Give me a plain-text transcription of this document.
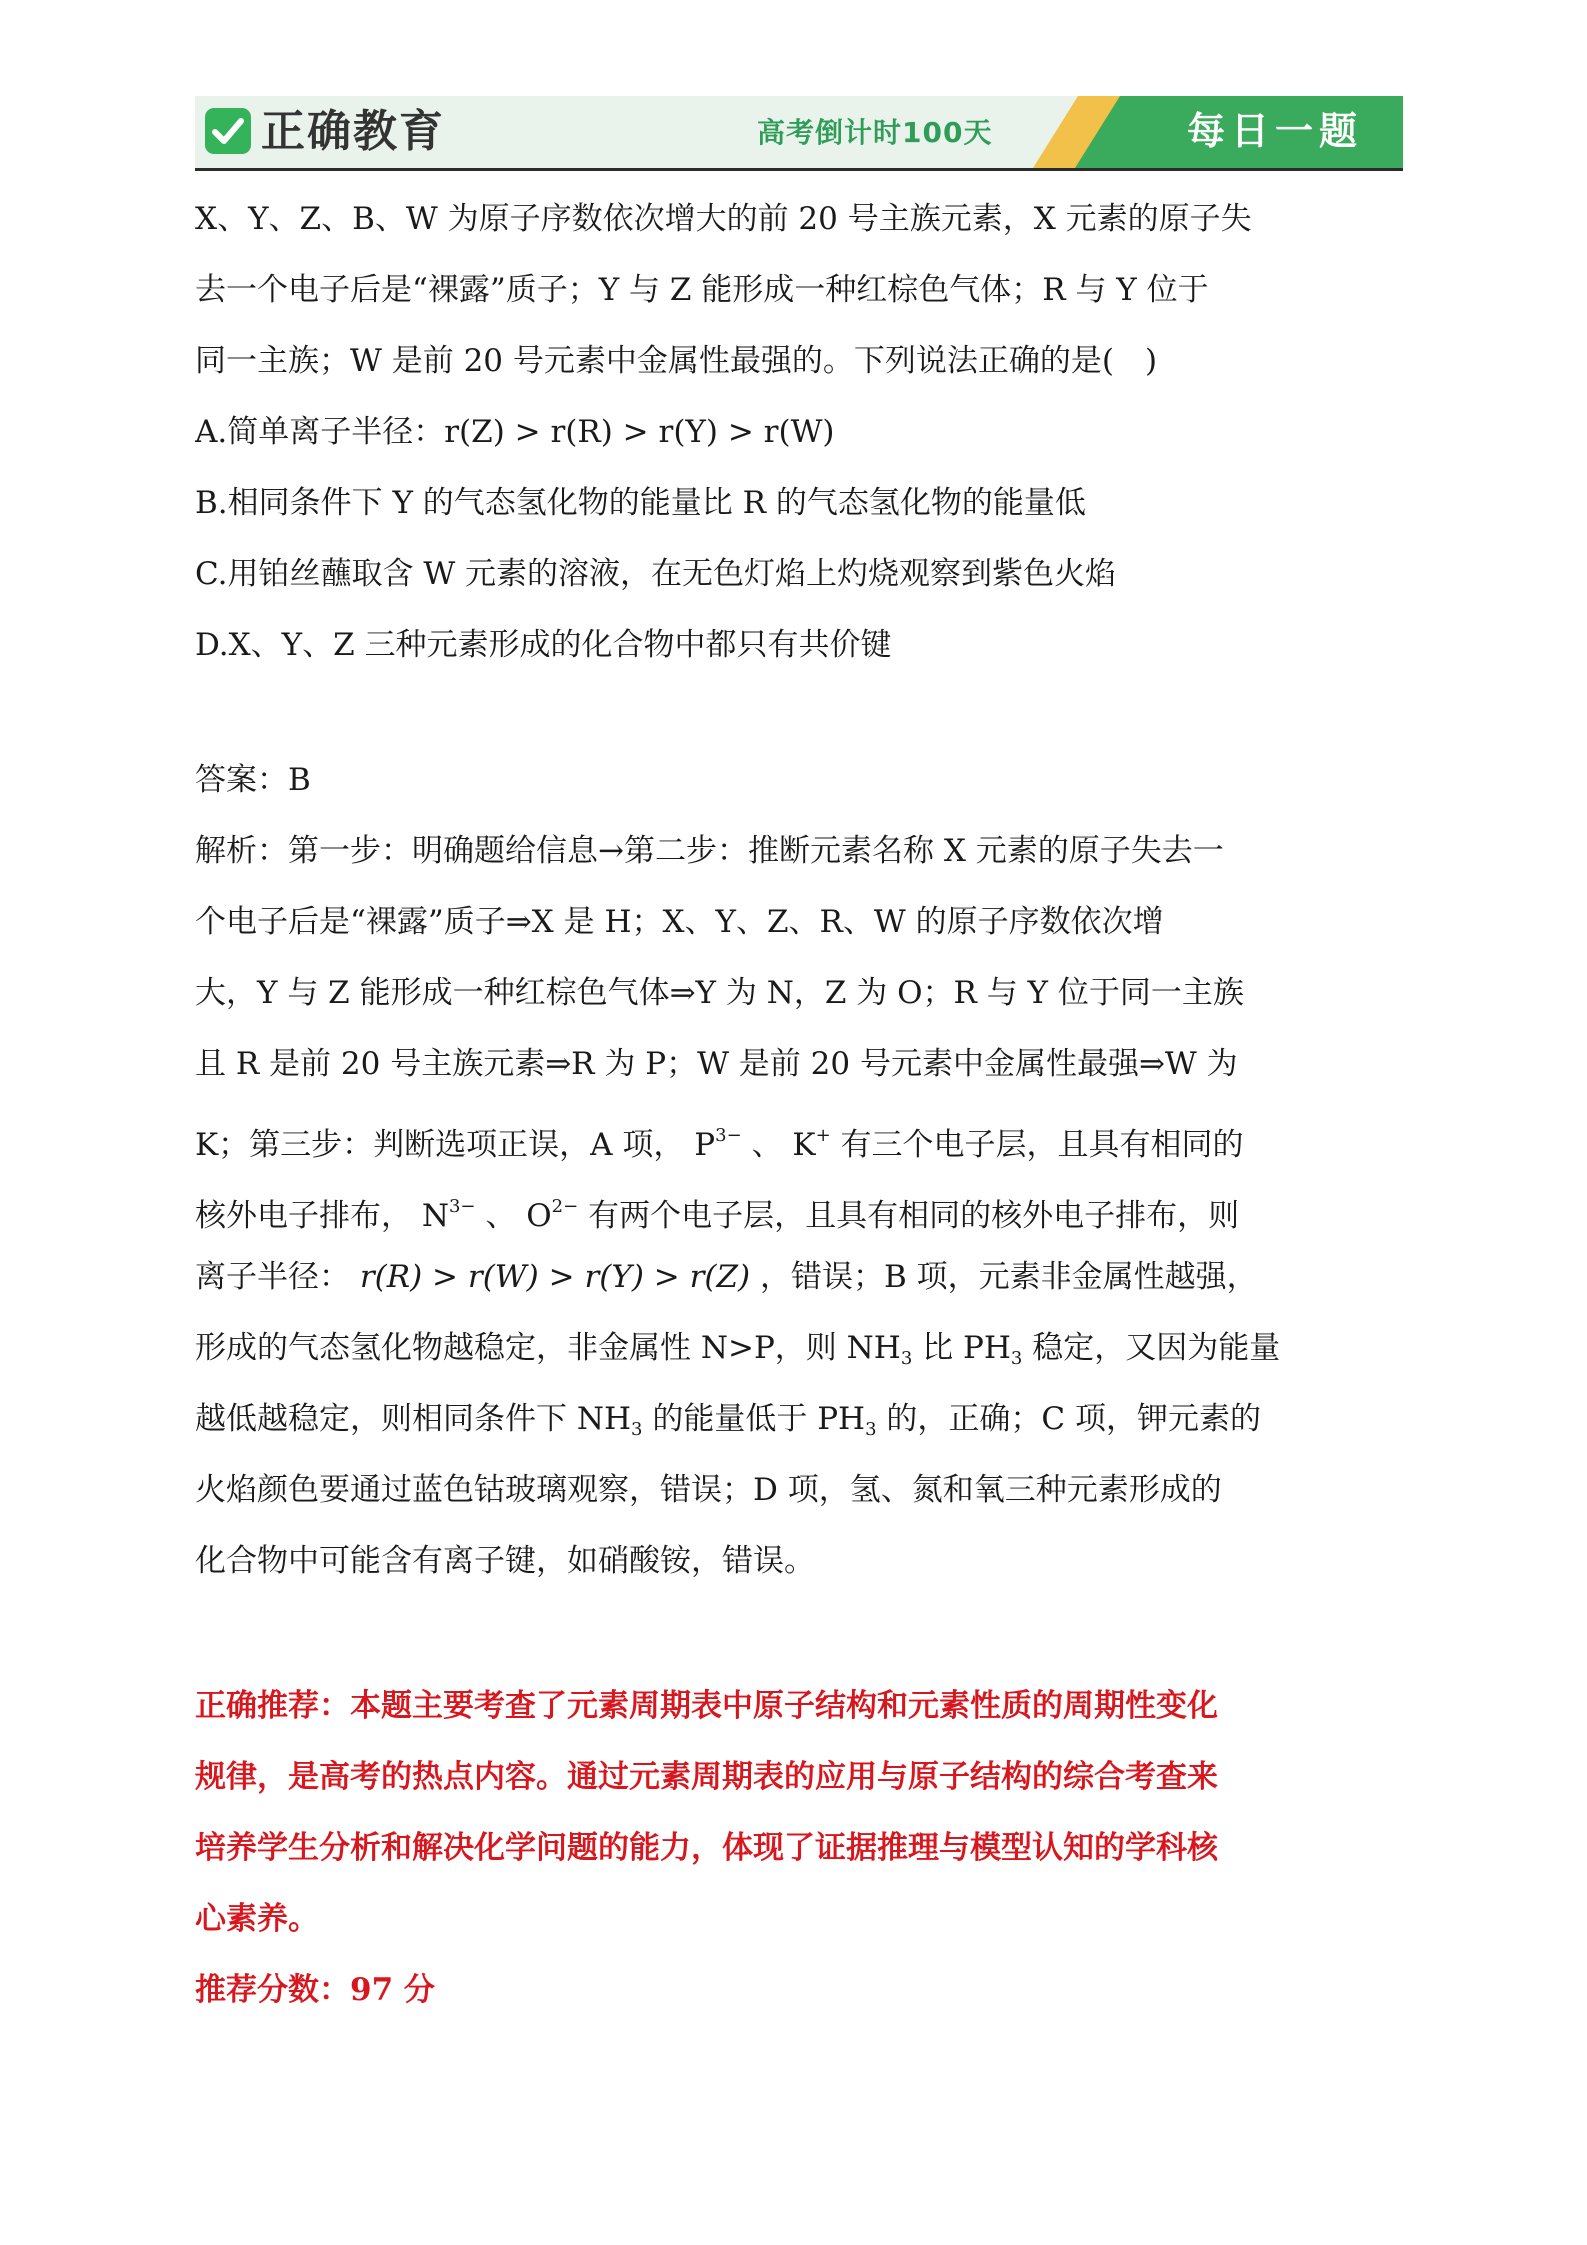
正确教育	高考倒计时100天	每日一题
X、Y、Z、B、W 为原子序数依次增大的前 20 号主族元素，X 元素的原子失
去一个电子后是“裸露”质子；Y 与 Z 能形成一种红棕色气体；R 与 Y 位于
同一主族；W 是前 20 号元素中金属性最强的。下列说法正确的是( )
A.简单离子半径：r(Z) > r(R) > r(Y) > r(W)
B.相同条件下 Y 的气态氢化物的能量比 R 的气态氢化物的能量低
C.用铂丝蘸取含 W 元素的溶液，在无色灯焰上灼烧观察到紫色火焰
D.X、Y、Z 三种元素形成的化合物中都只有共价键
答案：B
解析：第一步：明确题给信息→第二步：推断元素名称 X 元素的原子失去一
个电子后是“裸露”质子⇒X 是 H；X、Y、Z、R、W 的原子序数依次增
大，Y 与 Z 能形成一种红棕色气体⇒Y 为 N，Z 为 O；R 与 Y 位于同一主族
且 R 是前 20 号主族元素⇒R 为 P；W 是前 20 号元素中金属性最强⇒W 为
K；第三步：判断选项正误，A 项， $P^{3-}$ 、 K+ 有三个电子层，且具有相同的
核外电子排布， $N^{3-}$ 、 $O^{2-}$ 有两个电子层，且具有相同的核外电子排布，则
离子半径： r(R) > r(W) > r(Y) > r(Z) ，错误；B 项，元素非金属性越强，
形成的气态氢化物越稳定，非金属性 N>P，则 $NH_3$ 比 $PH_3$ 稳定，又因为能量
越低越稳定，则相同条件下 $NH_3$ 的能量低于 $PH_3$ 的，正确；C 项，钾元素的
火焰颜色要通过蓝色钴玻璃观察，错误；D 项，氢、氮和氧三种元素形成的
化合物中可能含有离子键，如硝酸铵，错误。
正确推荐：本题主要考查了元素周期表中原子结构和元素性质的周期性变化
规律，是高考的热点内容。通过元素周期表的应用与原子结构的综合考查来
培养学生分析和解决化学问题的能力，体现了证据推理与模型认知的学科核
心素养。
推荐分数：97 分
